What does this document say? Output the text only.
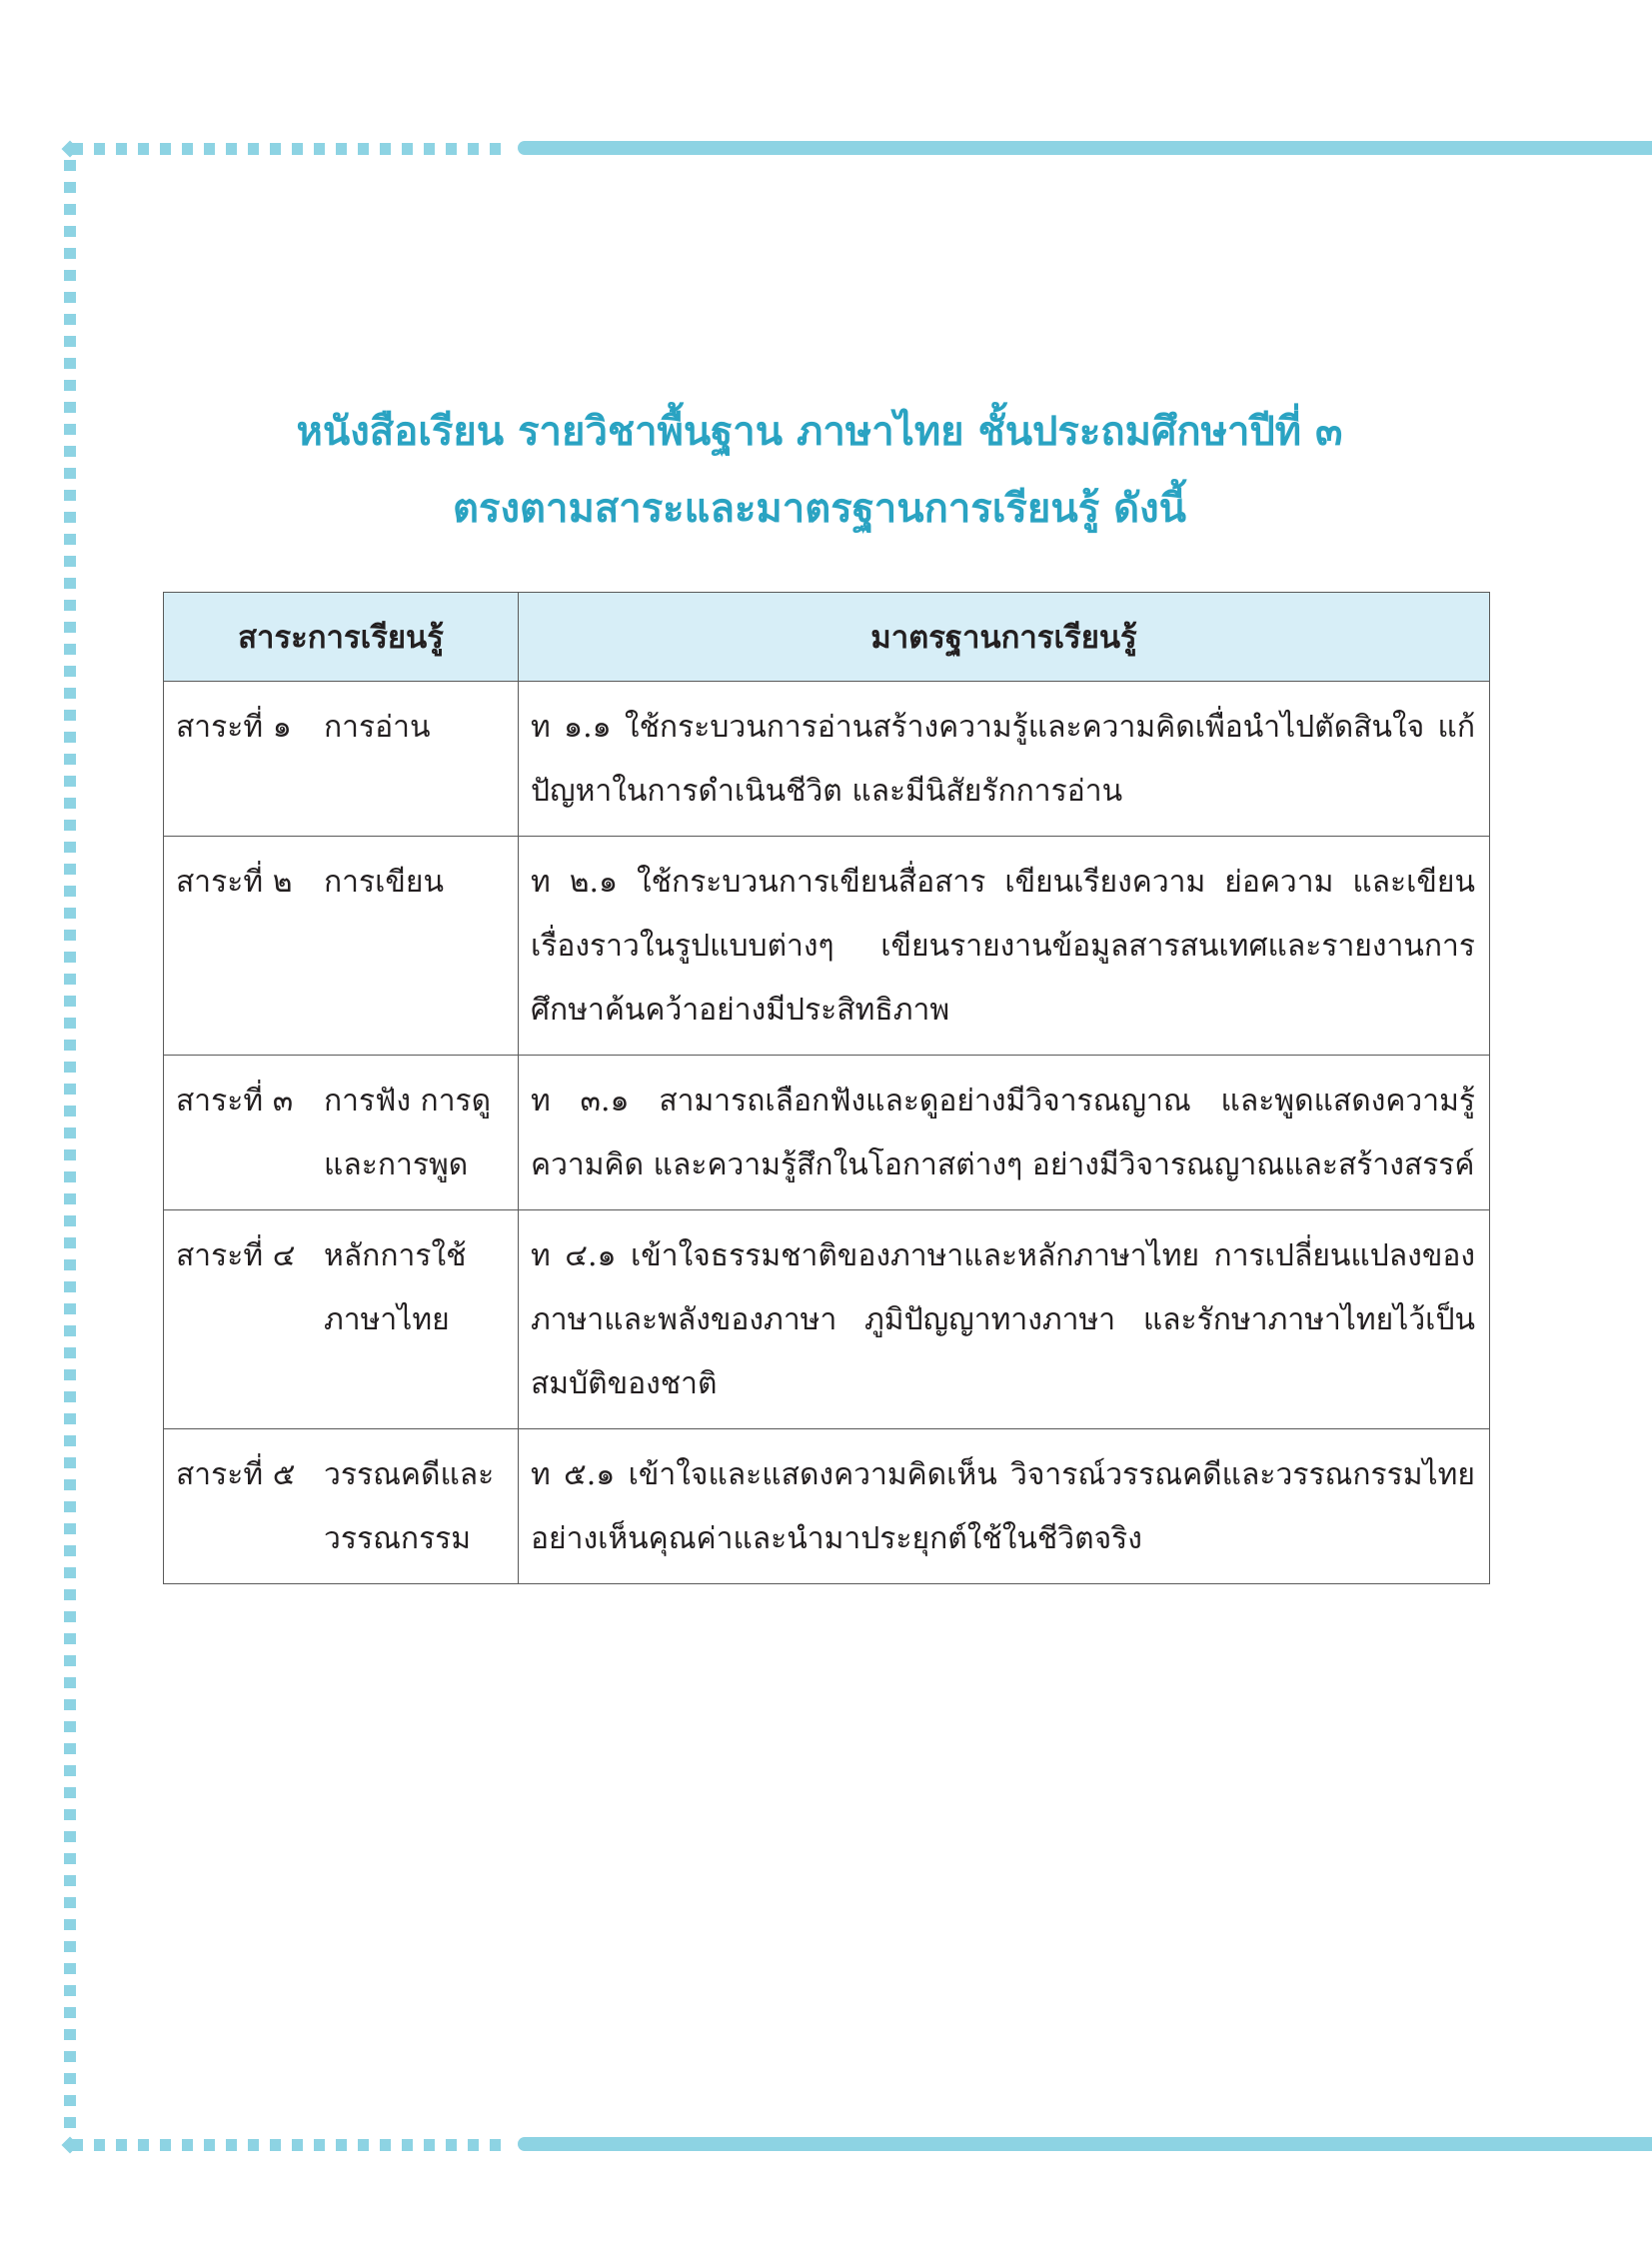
หนังสือเรียน รายวิชาพื้นฐาน ภาษาไทย ชั้นประถมศึกษาปีที่ ๓
ตรงตามสาระและมาตรฐานการเรียนรู้ ดังนี้
สาระการเรียนรู้	มาตรฐานการเรียนรู้

สาระที่ ๑ การอ่าน	ท ๑.๑ ใช้กระบวนการอ่านสร้างความรู้และความคิดเพื่อนำไปตัดสินใจ แก้ปัญหาในการดำเนินชีวิต และมีนิสัยรักการอ่าน

สาระที่ ๒ การเขียน	ท ๒.๑ ใช้กระบวนการเขียนสื่อสาร เขียนเรียงความ ย่อความ และเขียนเรื่องราวในรูปแบบต่างๆ เขียนรายงานข้อมูลสารสนเทศและรายงานการศึกษาค้นคว้าอย่างมีประสิทธิภาพ

สาระที่ ๓ การฟัง การดู และการพูด	ท ๓.๑ สามารถเลือกฟังและดูอย่างมีวิจารณญาณ และพูดแสดงความรู้ ความคิด และความรู้สึกในโอกาสต่างๆ อย่างมีวิจารณญาณและสร้างสรรค์

สาระที่ ๔ หลักการใช้ภาษาไทย	ท ๔.๑ เข้าใจธรรมชาติของภาษาและหลักภาษาไทย การเปลี่ยนแปลงของภาษาและพลังของภาษา ภูมิปัญญาทางภาษา และรักษาภาษาไทยไว้เป็นสมบัติของชาติ

สาระที่ ๕ วรรณคดีและวรรณกรรม	ท ๕.๑ เข้าใจและแสดงความคิดเห็น วิจารณ์วรรณคดีและวรรณกรรมไทยอย่างเห็นคุณค่าและนำมาประยุกต์ใช้ในชีวิตจริง
